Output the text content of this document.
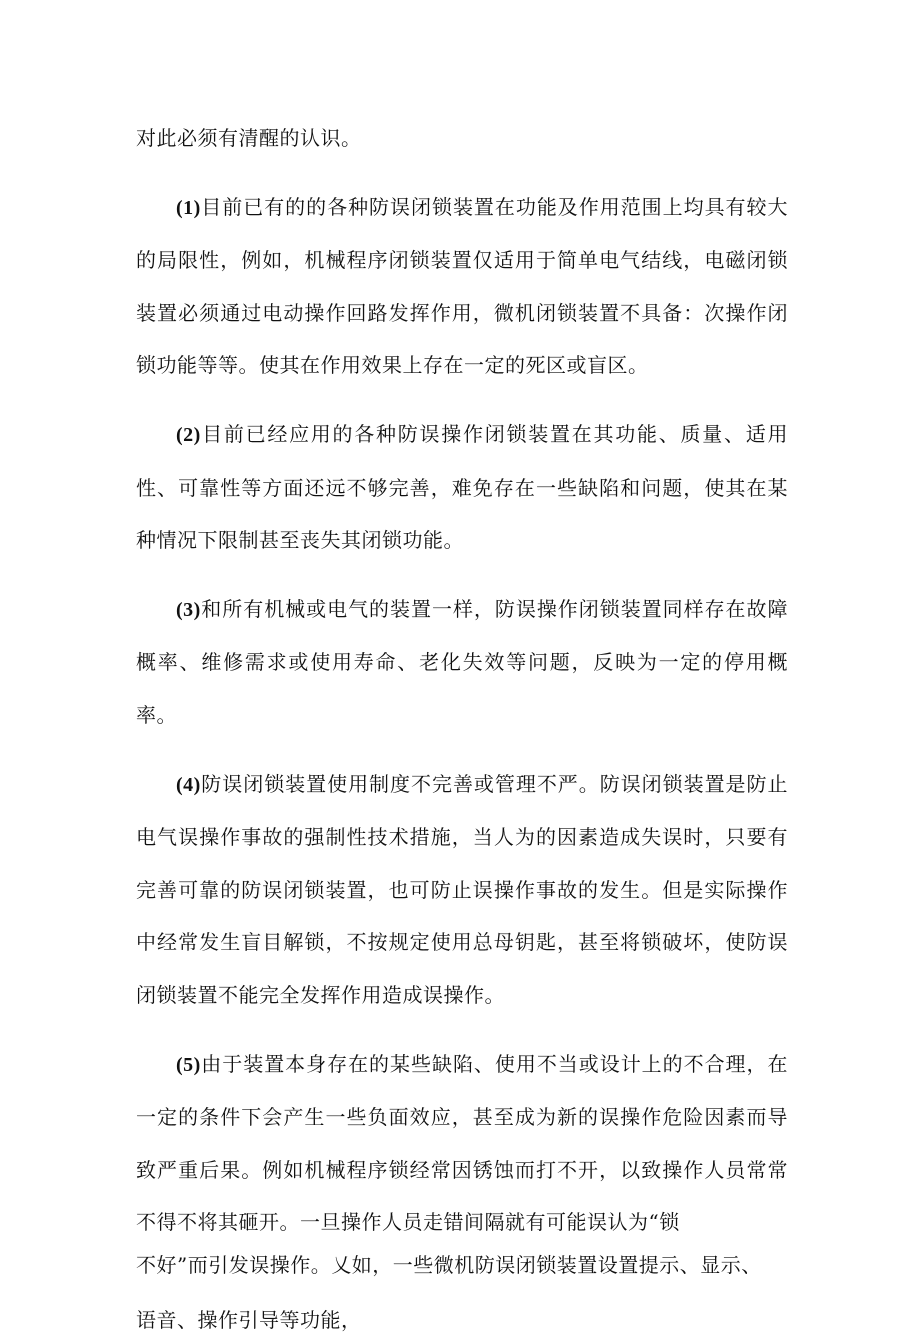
对此必须有清醒的认识。

(1)目前已有的的各种防误闭锁装置在功能及作用范围上均具有较大的局限性，例如，机械程序闭锁装置仅适用于简单电气结线，电磁闭锁装置必须通过电动操作回路发挥作用，微机闭锁装置不具备：次操作闭锁功能等等。使其在作用效果上存在一定的死区或盲区。

(2)目前已经应用的各种防误操作闭锁装置在其功能、质量、适用性、可靠性等方面还远不够完善，难免存在一些缺陷和问题，使其在某种情况下限制甚至丧失其闭锁功能。

(3)和所有机械或电气的装置一样，防误操作闭锁装置同样存在故障概率、维修需求或使用寿命、老化失效等问题，反映为一定的停用概率。

(4)防误闭锁装置使用制度不完善或管理不严。防误闭锁装置是防止电气误操作事故的强制性技术措施，当人为的因素造成失误时，只要有完善可靠的防误闭锁装置，也可防止误操作事故的发生。但是实际操作中经常发生盲目解锁，不按规定使用总母钥匙，甚至将锁破坏，使防误闭锁装置不能完全发挥作用造成误操作。

(5)由于装置本身存在的某些缺陷、使用不当或设计上的不合理，在一定的条件下会产生一些负面效应，甚至成为新的误操作危险因素而导致严重后果。例如机械程序锁经常因锈蚀而打不开，以致操作人员常常不得不将其砸开。一旦操作人员走错间隔就有可能误认为“锁

不好”而引发误操作。乂如，一些微机防误闭锁装置设置提示、显示、

语音、操作引导等功能，
